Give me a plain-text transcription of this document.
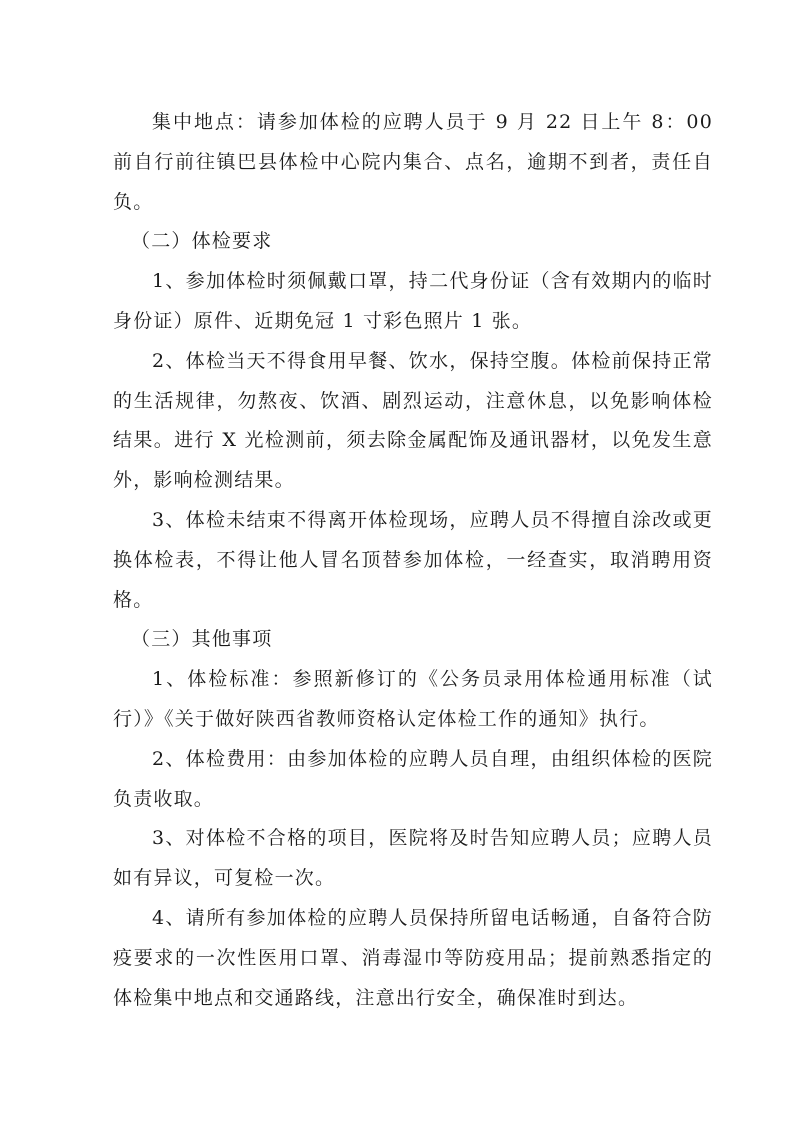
集中地点：请参加体检的应聘人员于 9 月 22 日上午 8：00 前自行前往镇巴县体检中心院内集合、点名，逾期不到者，责任自负。

（二）体检要求

1、参加体检时须佩戴口罩，持二代身份证（含有效期内的临时身份证）原件、近期免冠 1 寸彩色照片 1 张。

2、体检当天不得食用早餐、饮水，保持空腹。体检前保持正常的生活规律，勿熬夜、饮酒、剧烈运动，注意休息，以免影响体检结果。进行 X 光检测前，须去除金属配饰及通讯器材，以免发生意外，影响检测结果。

3、体检未结束不得离开体检现场，应聘人员不得擅自涂改或更换体检表，不得让他人冒名顶替参加体检，一经查实，取消聘用资格。

（三）其他事项

1、体检标准：参照新修订的《公务员录用体检通用标准（试行）》《关于做好陕西省教师资格认定体检工作的通知》执行。

2、体检费用：由参加体检的应聘人员自理，由组织体检的医院负责收取。

3、对体检不合格的项目，医院将及时告知应聘人员；应聘人员如有异议，可复检一次。

4、请所有参加体检的应聘人员保持所留电话畅通，自备符合防疫要求的一次性医用口罩、消毒湿巾等防疫用品；提前熟悉指定的体检集中地点和交通路线，注意出行安全，确保准时到达。
